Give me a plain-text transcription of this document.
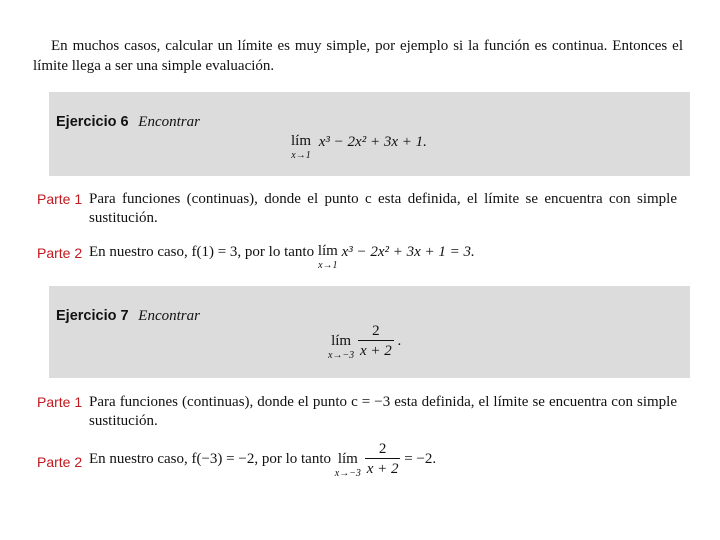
En muchos casos, calcular un límite es muy simple, por ejemplo si la función es continua. Entonces el límite llega a ser una simple evaluación.
Ejercicio 6 Encontrar
lím
x→1
x³ − 2x² + 3x + 1.
Parte 1 Para funciones (continuas), donde el punto c esta definida, el límite se encuentra con simple sustitución.
Parte 2 En nuestro caso, f(1) = 3, por lo tanto lím
x→1
x³ − 2x² + 3x + 1 = 3.
Ejercicio 7 Encontrar
lím
x→−3
$\frac{2}{x + 2}$ .
Parte 1 Para funciones (continuas), donde el punto c = −3 esta definida, el límite se encuentra con simple sustitución.
Parte 2 En nuestro caso, f(−3) = −2, por lo tanto lím
x→−3
$\frac{2}{x + 2} = -2$.
